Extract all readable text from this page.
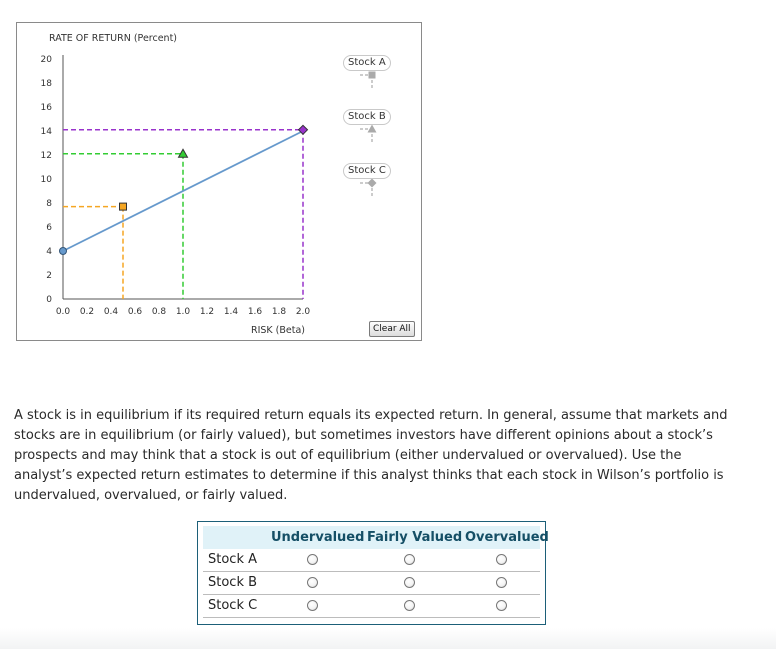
RATE OF RETURN (Percent)
0
2
4
6
8
10
12
14
16
18
20
0.0 0.2 0.4 0.6 0.8 1.0 1.2 1.4 1.6 1.8 2.0
RISK (Beta)
Stock A
Stock B
Stock C
Clear All

A stock is in equilibrium if its required return equals its expected return. In general, assume that markets and stocks are in equilibrium (or fairly valued), but sometimes investors have different opinions about a stock’s prospects and may think that a stock is out of equilibrium (either undervalued or overvalued). Use the analyst’s expected return estimates to determine if this analyst thinks that each stock in Wilson’s portfolio is undervalued, overvalued, or fairly valued.

Undervalued Fairly Valued Overvalued
Stock A
Stock B
Stock C
